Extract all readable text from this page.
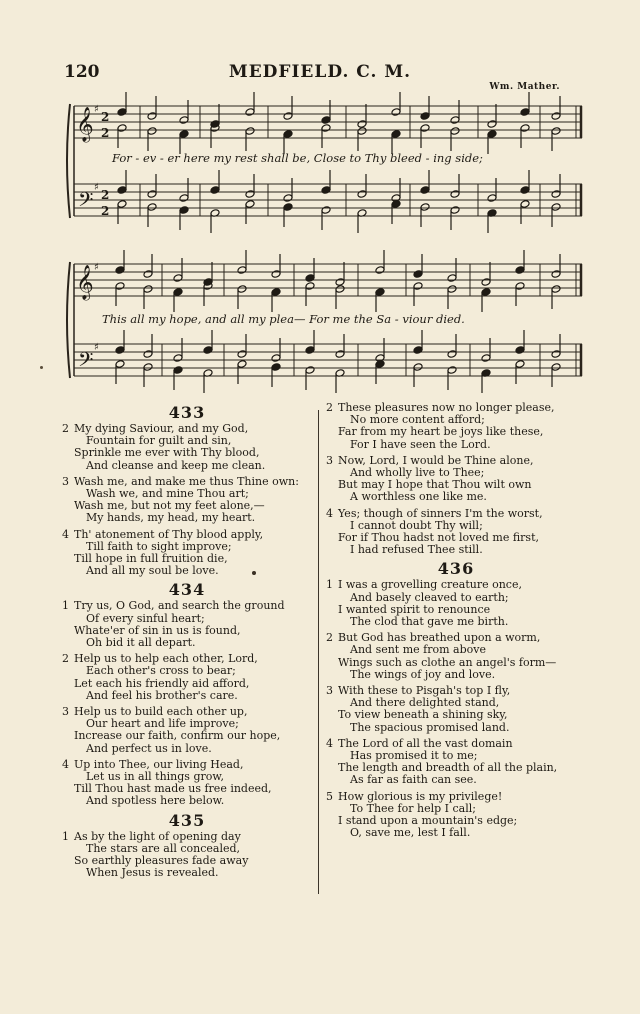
120	MEDFIELD. C. M.
Wm. Mather.
𝄞
𝄢
𝄞
𝄢
♯
♯
♯
♯
2
2
2
2
For - ev - er here my rest shall be, Close to Thy bleed - ing side;
This all my hope, and all my plea— For me the Sa - viour died.
433
2 My dying Saviour, and my God,
Fountain for guilt and sin,
Sprinkle me ever with Thy blood,
And cleanse and keep me clean.
3 Wash me, and make me thus Thine own:
Wash we, and mine Thou art;
Wash me, but not my feet alone,—
My hands, my head, my heart.
4 Th' atonement of Thy blood apply,
Till faith to sight improve;
Till hope in full fruition die,
And all my soul be love.
434
1 Try us, O God, and search the ground
Of every sinful heart;
Whate'er of sin in us is found,
Oh bid it all depart.
2 Help us to help each other, Lord,
Each other's cross to bear;
Let each his friendly aid afford,
And feel his brother's care.
3 Help us to build each other up,
Our heart and life improve;
Increase our faith, confirm our hope,
And perfect us in love.
4 Up into Thee, our living Head,
Let us in all things grow,
Till Thou hast made us free indeed,
And spotless here below.
435
1 As by the light of opening day
The stars are all concealed,
So earthly pleasures fade away
When Jesus is revealed.
2 These pleasures now no longer please,
No more content afford;
Far from my heart be joys like these,
For I have seen the Lord.
3 Now, Lord, I would be Thine alone,
And wholly live to Thee;
But may I hope that Thou wilt own
A worthless one like me.
4 Yes; though of sinners I'm the worst,
I cannot doubt Thy will;
For if Thou hadst not loved me first,
I had refused Thee still.
436
1 I was a grovelling creature once,
And basely cleaved to earth;
I wanted spirit to renounce
The clod that gave me birth.
2 But God has breathed upon a worm,
And sent me from above
Wings such as clothe an angel's form—
The wings of joy and love.
3 With these to Pisgah's top I fly,
And there delighted stand,
To view beneath a shining sky,
The spacious promised land.
4 The Lord of all the vast domain
Has promised it to me;
The length and breadth of all the plain,
As far as faith can see.
5 How glorious is my privilege!
To Thee for help I call;
I stand upon a mountain's edge;
O, save me, lest I fall.
